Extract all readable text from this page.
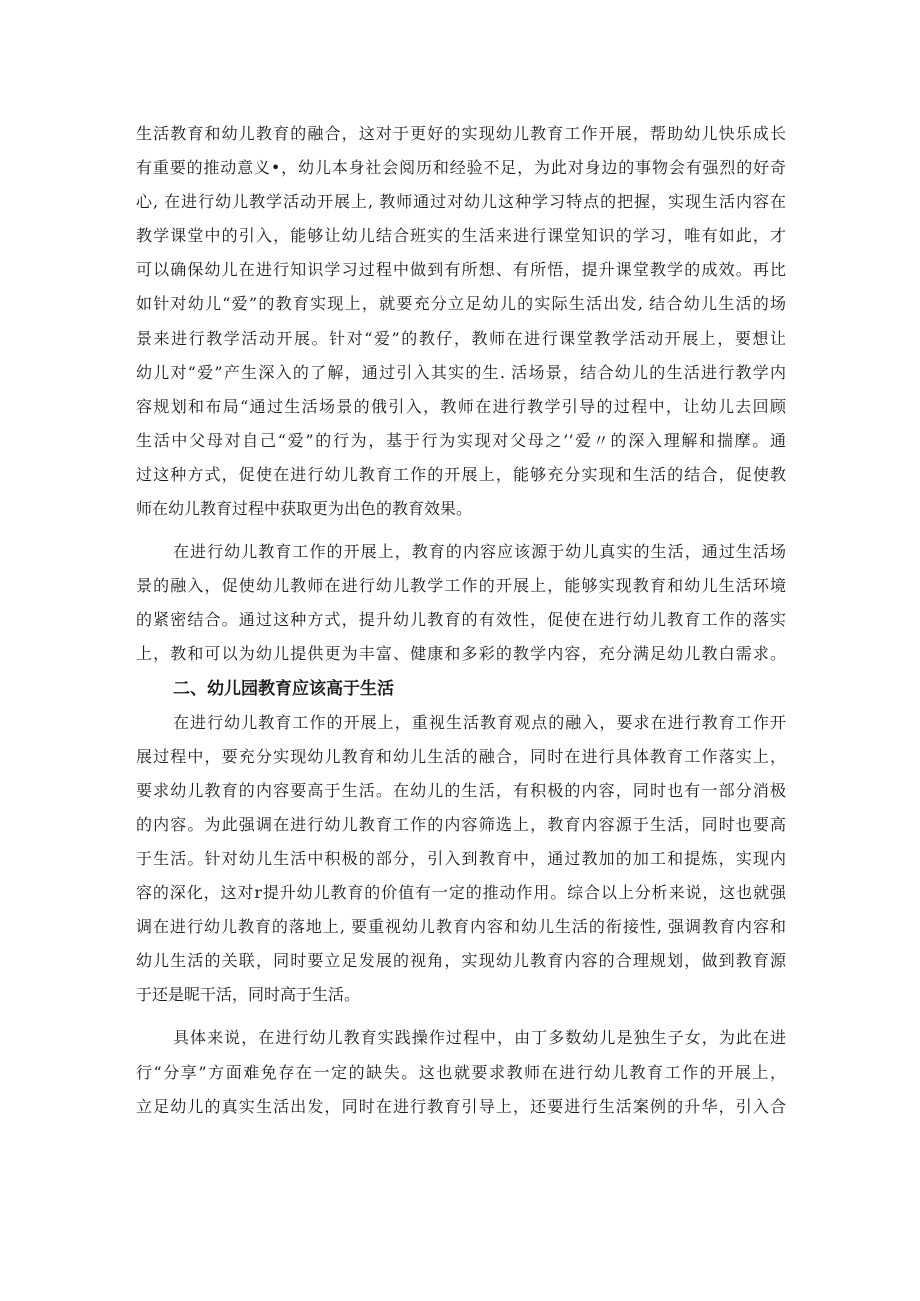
生活教育和幼儿教育的融合，这对于更好的实现幼儿教育工作开展，帮助幼儿快乐成长
有重要的推动意义•，幼儿本身社会阅历和经验不足，为此对身边的事物会有强烈的好奇
心, 在进行幼儿教学活动开展上, 教师通过对幼儿这种学习特点的把握，实现生活内容在
教学课堂中的引入，能够让幼儿结合班实的生活来进行课堂知识的学习，唯有如此，才
可以确保幼儿在进行知识学习过程中做到有所想、有所悟，提升课堂教学的成效。再比
如针对幼儿“爱”的教育实现上，就要充分立足幼儿的实际生活出发, 结合幼儿生活的场
景来进行教学活动开展。针对“爱”的教仔，教师在进行课堂教学活动开展上，要想让
幼儿对“爱”产生深入的了解，通过引入其实的生. 活场景，结合幼儿的生活进行教学内
容规划和布局“通过生活场景的俄引入，教师在进行教学引导的过程中，让幼儿去回顾
生活中父母对自己“爱”的行为，基于行为实现对父母之’‘爱〃的深入理解和揣摩。通
过这种方式，促使在进行幼儿教育工作的开展上，能够充分实现和生活的结合，促使教
师在幼儿教育过程中获取更为出色的教育效果。
在进行幼儿教育工作的开展上，教育的内容应该源于幼儿真实的生活，通过生活场
景的融入，促使幼儿教师在进行幼儿教学工作的开展上，能够实现教育和幼儿生活环境
的紧密结合。通过这种方式，提升幼儿教育的有效性，促使在进行幼儿教育工作的落实
上，教和可以为幼儿提供更为丰富、健康和多彩的教学内容，充分满足幼儿教白需求。
二、幼儿园教育应该高于生活
在进行幼儿教育工作的开展上，重视生活教育观点的融入，要求在进行教育工作开
展过程中，要充分实现幼儿教育和幼儿生活的融合，同时在进行具体教育工作落实上，
要求幼儿教育的内容要高于生活。在幼儿的生活，有积极的内容，同时也有一部分消极
的内容。为此强调在进行幼儿教育工作的内容筛选上，教育内容源于生活，同时也要高
于生活。针对幼儿生活中积极的部分，引入到教育中，通过教加的加工和提炼，实现内
容的深化，这对r提升幼儿教育的价值有一定的推动作用。综合以上分析来说，这也就强
调在进行幼儿教育的落地上, 要重视幼儿教育内容和幼儿生活的衔接性, 强调教育内容和
幼儿生活的关联，同时要立足发展的视角，实现幼儿教育内容的合理规划，做到教育源
于还是昵干活，同时高于生活。
具体来说，在进行幼儿教育实践操作过程中，由丁多数幼儿是独生子女，为此在进
行“分享”方面难免存在一定的缺失。这也就要求教师在进行幼儿教育工作的开展上，
立足幼儿的真实生活出发，同时在进行教育引导上，还要进行生活案例的升华，引入合
